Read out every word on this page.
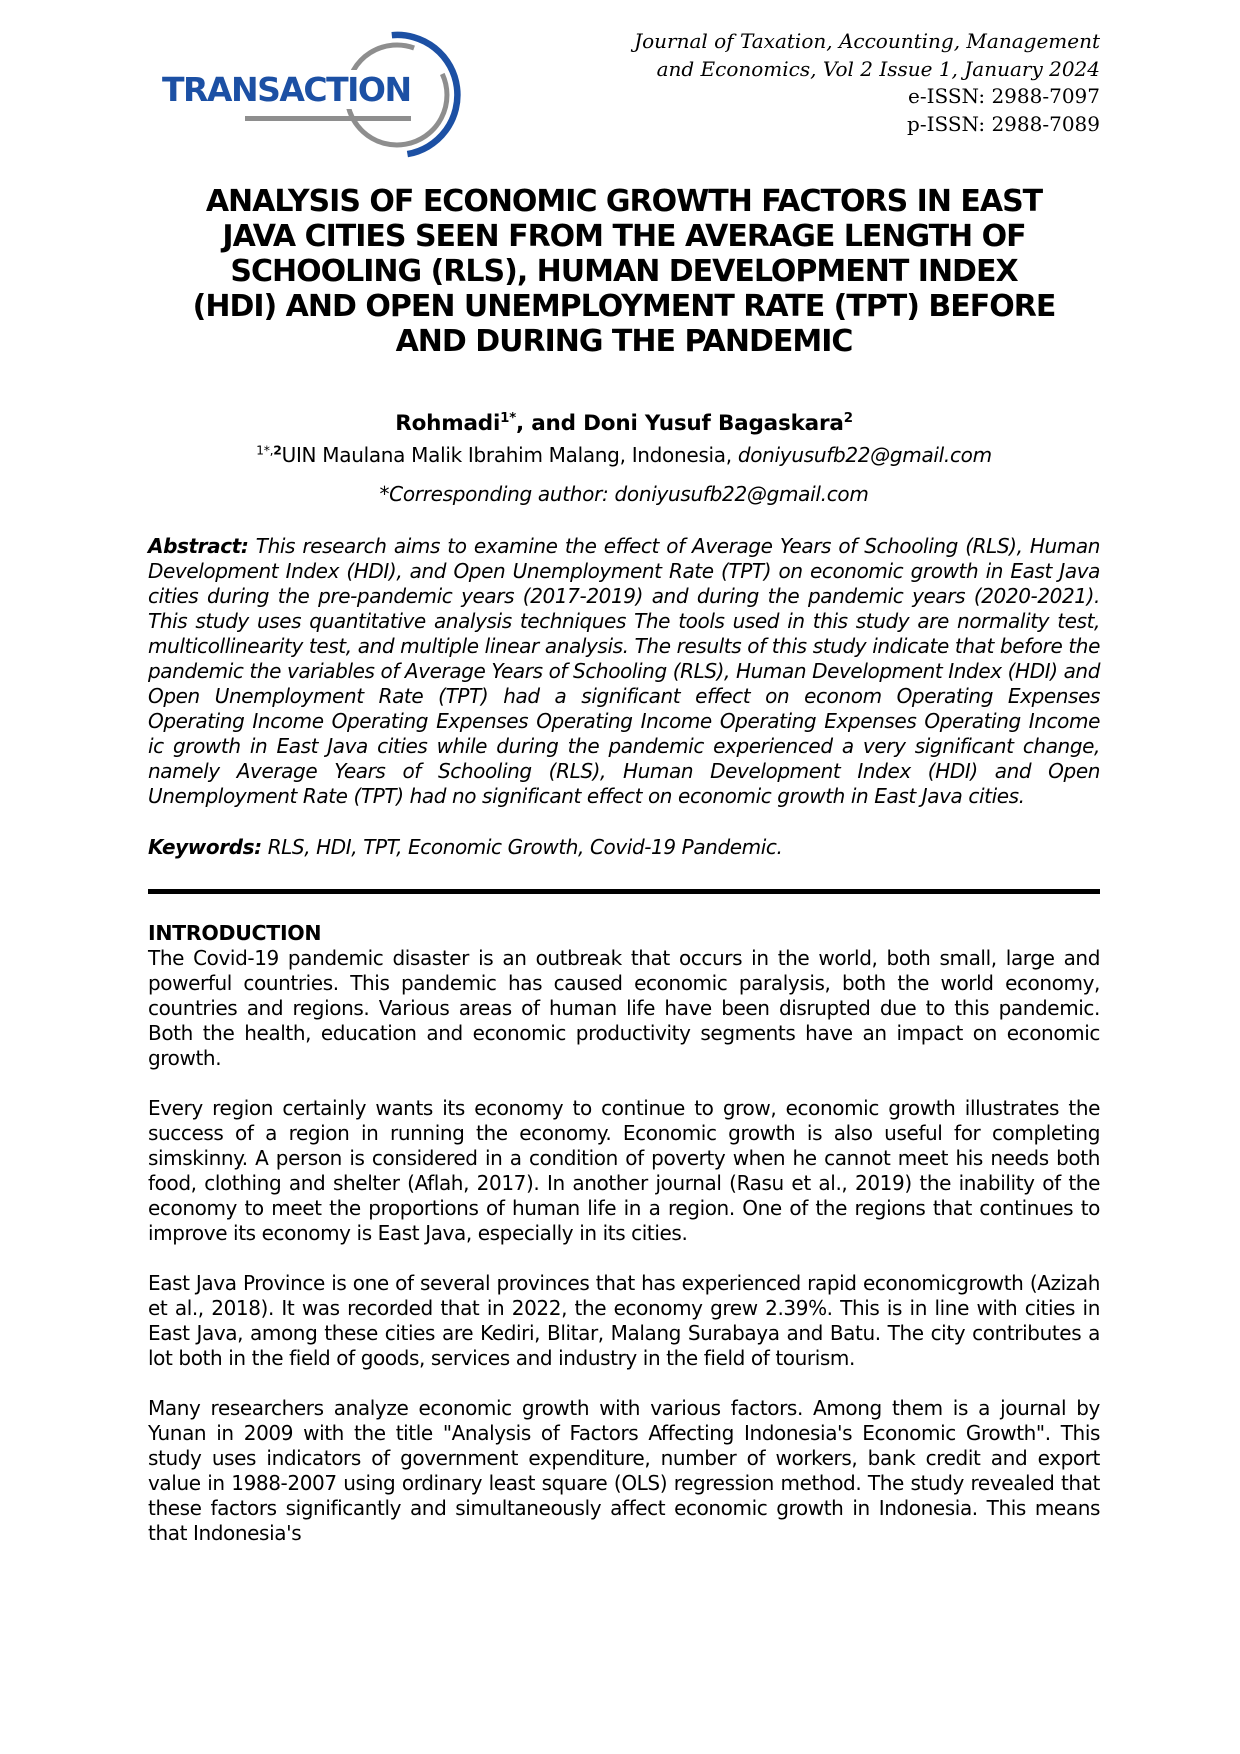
TRANSACTION
Journal of Taxation, Accounting, Management
and Economics, Vol 2 Issue 1, January 2024
e-ISSN: 2988-7097
p-ISSN: 2988-7089
ANALYSIS OF ECONOMIC GROWTH FACTORS IN EAST
JAVA CITIES SEEN FROM THE AVERAGE LENGTH OF
SCHOOLING (RLS), HUMAN DEVELOPMENT INDEX
(HDI) AND OPEN UNEMPLOYMENT RATE (TPT) BEFORE
AND DURING THE PANDEMIC
Rohmadi$^{1*}$, and Doni Yusuf Bagaskara$^2$
$^{1*,2}$UIN Maulana Malik Ibrahim Malang, Indonesia, doniyusufb22@gmail.com
*Corresponding author: doniyusufb22@gmail.com

Abstract: This research aims to examine the effect of Average Years of Schooling (RLS), Human Development Index (HDI), and Open Unemployment Rate (TPT) on economic growth in East Java cities during the pre-pandemic years (2017-2019) and during the pandemic years (2020-2021). This study uses quantitative analysis techniques The tools used in this study are normality test, multicollinearity test, and multiple linear analysis. The results of this study indicate that before the pandemic the variables of Average Years of Schooling (RLS), Human Development Index (HDI) and Open Unemployment Rate (TPT) had a significant effect on econom Operating Expenses Operating Income Operating Expenses Operating Income Operating Expenses Operating Income ic growth in East Java cities while during the pandemic experienced a very significant change, namely Average Years of Schooling (RLS), Human Development Index (HDI) and Open Unemployment Rate (TPT) had no significant effect on economic growth in East Java cities.

Keywords: RLS, HDI, TPT, Economic Growth, Covid-19 Pandemic.

INTRODUCTION

The Covid-19 pandemic disaster is an outbreak that occurs in the world, both small, large and powerful countries. This pandemic has caused economic paralysis, both the world economy, countries and regions. Various areas of human life have been disrupted due to this pandemic. Both the health, education and economic productivity segments have an impact on economic growth.

Every region certainly wants its economy to continue to grow, economic growth illustrates the success of a region in running the economy. Economic growth is also useful for completing simskinny. A person is considered in a condition of poverty when he cannot meet his needs both food, clothing and shelter (Aflah, 2017). In another journal (Rasu et al., 2019) the inability of the economy to meet the proportions of human life in a region. One of the regions that continues to improve its economy is East Java, especially in its cities.

East Java Province is one of several provinces that has experienced rapid economicgrowth (Azizah et al., 2018). It was recorded that in 2022, the economy grew 2.39%. This is in line with cities in East Java, among these cities are Kediri, Blitar, Malang Surabaya and Batu. The city contributes a lot both in the field of goods, services and industry in the field of tourism.

Many researchers analyze economic growth with various factors. Among them is a journal by Yunan in 2009 with the title "Analysis of Factors Affecting Indonesia's Economic Growth". This study uses indicators of government expenditure, number of workers, bank credit and export value in 1988-2007 using ordinary least square (OLS) regression method. The study revealed that these factors significantly and simultaneously affect economic growth in Indonesia. This means that Indonesia's
